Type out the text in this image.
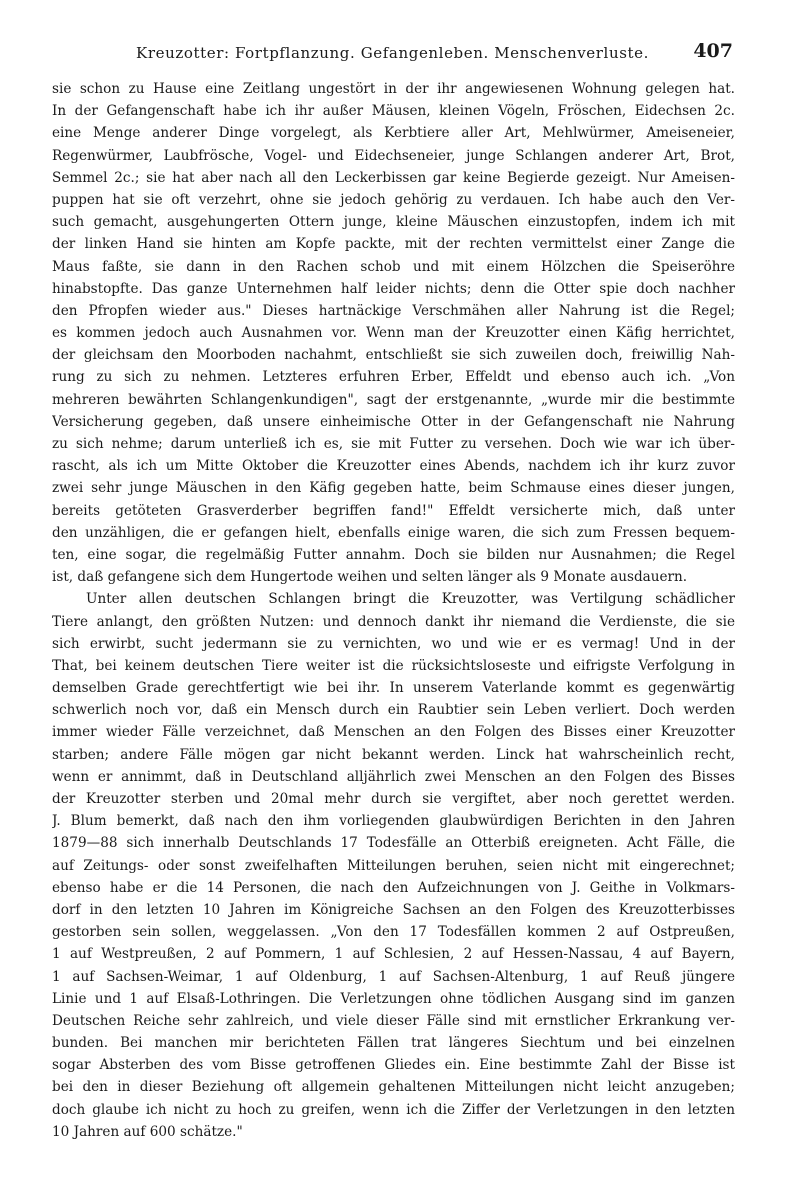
Kreuzotter: Fortpflanzung. Gefangenleben. Menschenverluste.	407
sie schon zu Hause eine Zeitlang ungestört in der ihr angewiesenen Wohnung gelegen hat.
In der Gefangenschaft habe ich ihr außer Mäusen, kleinen Vögeln, Fröschen, Eidechsen 2c.
eine Menge anderer Dinge vorgelegt, als Kerbtiere aller Art, Mehlwürmer, Ameiseneier,
Regenwürmer, Laubfrösche, Vogel- und Eidechseneier, junge Schlangen anderer Art, Brot,
Semmel 2c.; sie hat aber nach all den Leckerbissen gar keine Begierde gezeigt. Nur Ameisen-
puppen hat sie oft verzehrt, ohne sie jedoch gehörig zu verdauen. Ich habe auch den Ver-
such gemacht, ausgehungerten Ottern junge, kleine Mäuschen einzustopfen, indem ich mit
der linken Hand sie hinten am Kopfe packte, mit der rechten vermittelst einer Zange die
Maus faßte, sie dann in den Rachen schob und mit einem Hölzchen die Speiseröhre
hinabstopfte. Das ganze Unternehmen half leider nichts; denn die Otter spie doch nachher
den Pfropfen wieder aus." Dieses hartnäckige Verschmähen aller Nahrung ist die Regel;
es kommen jedoch auch Ausnahmen vor. Wenn man der Kreuzotter einen Käfig herrichtet,
der gleichsam den Moorboden nachahmt, entschließt sie sich zuweilen doch, freiwillig Nah-
rung zu sich zu nehmen. Letzteres erfuhren Erber, Effeldt und ebenso auch ich. „Von
mehreren bewährten Schlangenkundigen", sagt der erstgenannte, „wurde mir die bestimmte
Versicherung gegeben, daß unsere einheimische Otter in der Gefangenschaft nie Nahrung
zu sich nehme; darum unterließ ich es, sie mit Futter zu versehen. Doch wie war ich über-
rascht, als ich um Mitte Oktober die Kreuzotter eines Abends, nachdem ich ihr kurz zuvor
zwei sehr junge Mäuschen in den Käfig gegeben hatte, beim Schmause eines dieser jungen,
bereits getöteten Grasverderber begriffen fand!" Effeldt versicherte mich, daß unter
den unzähligen, die er gefangen hielt, ebenfalls einige waren, die sich zum Fressen bequem-
ten, eine sogar, die regelmäßig Futter annahm. Doch sie bilden nur Ausnahmen; die Regel
ist, daß gefangene sich dem Hungertode weihen und selten länger als 9 Monate ausdauern.
Unter allen deutschen Schlangen bringt die Kreuzotter, was Vertilgung schädlicher
Tiere anlangt, den größten Nutzen: und dennoch dankt ihr niemand die Verdienste, die sie
sich erwirbt, sucht jedermann sie zu vernichten, wo und wie er es vermag! Und in der
That, bei keinem deutschen Tiere weiter ist die rücksichtsloseste und eifrigste Verfolgung in
demselben Grade gerechtfertigt wie bei ihr. In unserem Vaterlande kommt es gegenwärtig
schwerlich noch vor, daß ein Mensch durch ein Raubtier sein Leben verliert. Doch werden
immer wieder Fälle verzeichnet, daß Menschen an den Folgen des Bisses einer Kreuzotter
starben; andere Fälle mögen gar nicht bekannt werden. Linck hat wahrscheinlich recht,
wenn er annimmt, daß in Deutschland alljährlich zwei Menschen an den Folgen des Bisses
der Kreuzotter sterben und 20mal mehr durch sie vergiftet, aber noch gerettet werden.
J. Blum bemerkt, daß nach den ihm vorliegenden glaubwürdigen Berichten in den Jahren
1879—88 sich innerhalb Deutschlands 17 Todesfälle an Otterbiß ereigneten. Acht Fälle, die
auf Zeitungs- oder sonst zweifelhaften Mitteilungen beruhen, seien nicht mit eingerechnet;
ebenso habe er die 14 Personen, die nach den Aufzeichnungen von J. Geithe in Volkmars-
dorf in den letzten 10 Jahren im Königreiche Sachsen an den Folgen des Kreuzotterbisses
gestorben sein sollen, weggelassen. „Von den 17 Todesfällen kommen 2 auf Ostpreußen,
1 auf Westpreußen, 2 auf Pommern, 1 auf Schlesien, 2 auf Hessen-Nassau, 4 auf Bayern,
1 auf Sachsen-Weimar, 1 auf Oldenburg, 1 auf Sachsen-Altenburg, 1 auf Reuß jüngere
Linie und 1 auf Elsaß-Lothringen. Die Verletzungen ohne tödlichen Ausgang sind im ganzen
Deutschen Reiche sehr zahlreich, und viele dieser Fälle sind mit ernstlicher Erkrankung ver-
bunden. Bei manchen mir berichteten Fällen trat längeres Siechtum und bei einzelnen
sogar Absterben des vom Bisse getroffenen Gliedes ein. Eine bestimmte Zahl der Bisse ist
bei den in dieser Beziehung oft allgemein gehaltenen Mitteilungen nicht leicht anzugeben;
doch glaube ich nicht zu hoch zu greifen, wenn ich die Ziffer der Verletzungen in den letzten
10 Jahren auf 600 schätze."
